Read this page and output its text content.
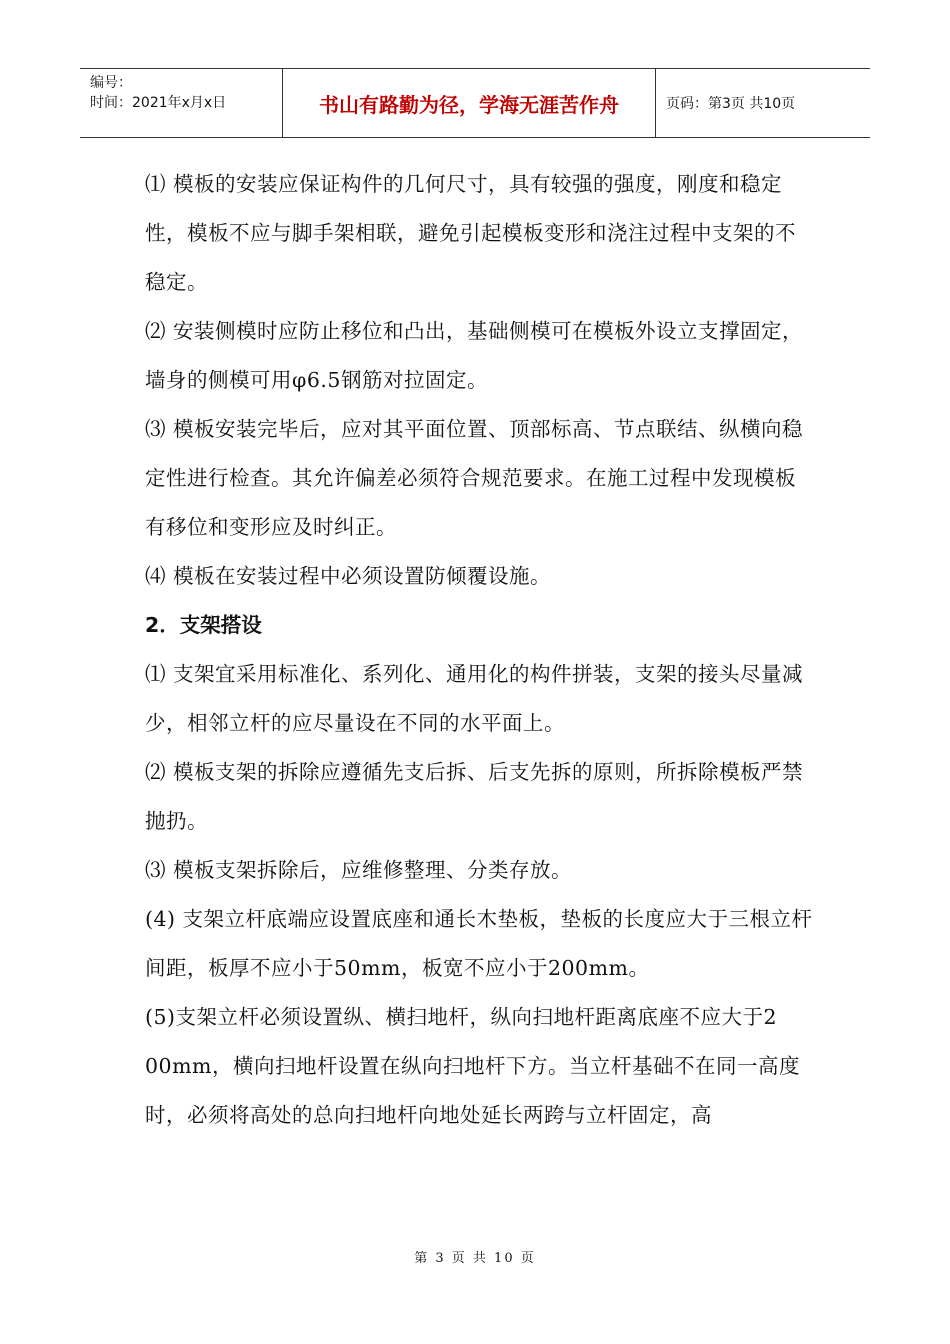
编号：
时间：2021年x月x日	书山有路勤为径，学海无涯苦作舟	页码：第3页 共10页

⑴ 模板的安装应保证构件的几何尺寸，具有较强的强度，刚度和稳定性，模板不应与脚手架相联，避免引起模板变形和浇注过程中支架的不稳定。

⑵ 安装侧模时应防止移位和凸出，基础侧模可在模板外设立支撑固定，墙身的侧模可用φ6.5钢筋对拉固定。

⑶ 模板安装完毕后，应对其平面位置、顶部标高、节点联结、纵横向稳定性进行检查。其允许偏差必须符合规范要求。在施工过程中发现模板有移位和变形应及时纠正。

⑷ 模板在安装过程中必须设置防倾覆设施。

2．支架搭设

⑴ 支架宜采用标准化、系列化、通用化的构件拼装，支架的接头尽量减少，相邻立杆的应尽量设在不同的水平面上。

⑵ 模板支架的拆除应遵循先支后拆、后支先拆的原则，所拆除模板严禁抛扔。

⑶ 模板支架拆除后，应维修整理、分类存放。

(4) 支架立杆底端应设置底座和通长木垫板，垫板的长度应大于三根立杆间距，板厚不应小于50mm，板宽不应小于200mm。

(5)支架立杆必须设置纵、横扫地杆，纵向扫地杆距离底座不应大于2 00mm，横向扫地杆设置在纵向扫地杆下方。当立杆基础不在同一高度时，必须将高处的总向扫地杆向地处延长两跨与立杆固定，高

第 3 页 共 10 页
